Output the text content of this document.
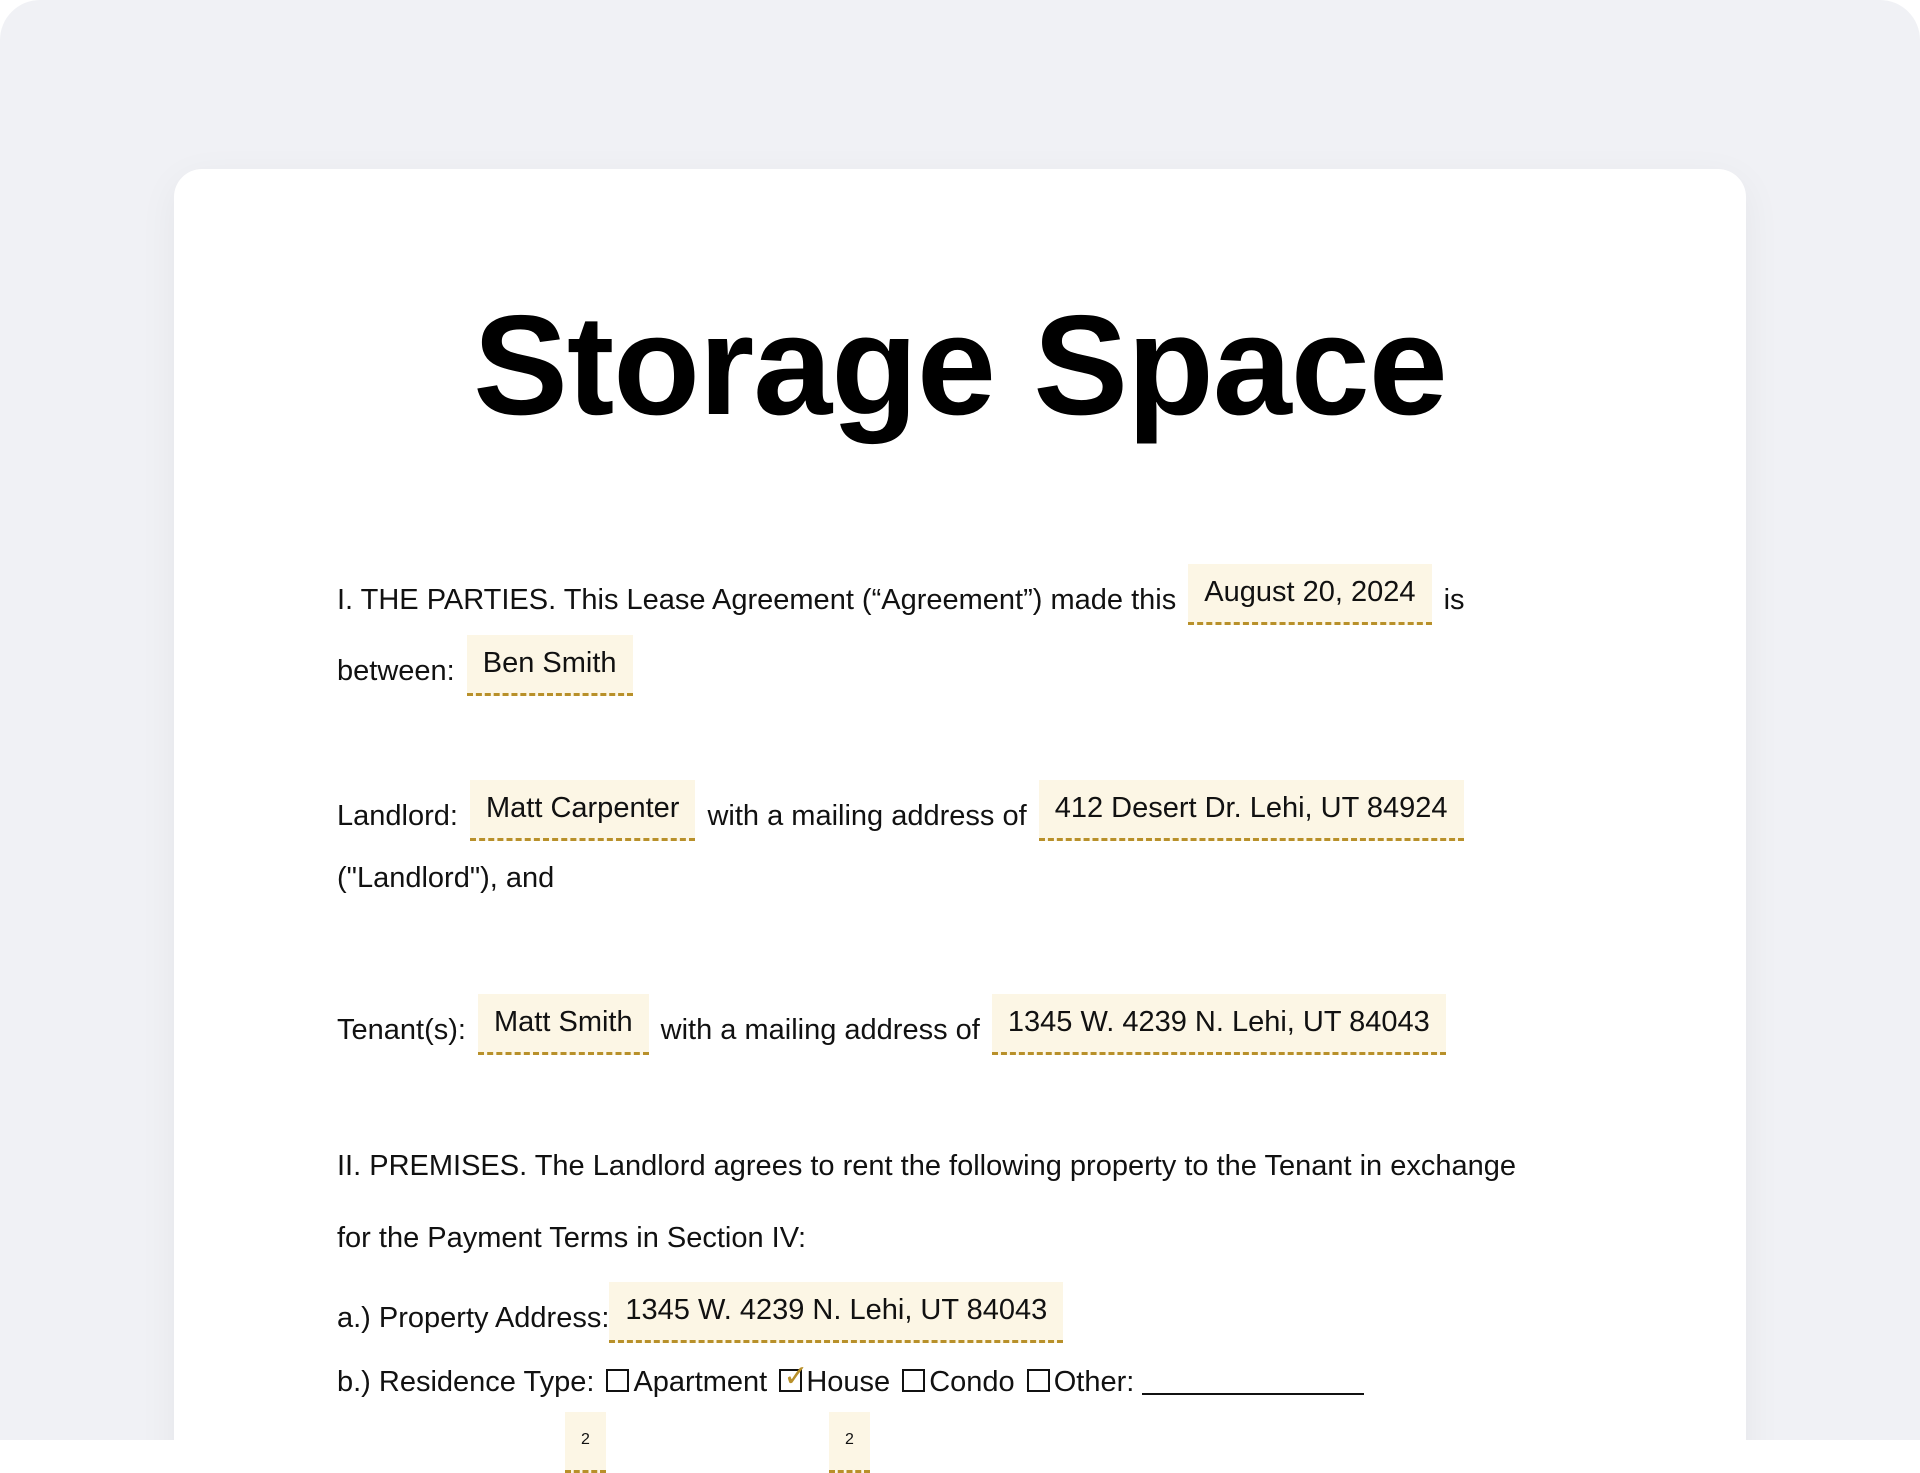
Storage Space
I. THE PARTIES. This Lease Agreement (“Agreement”) made this August 20, 2024 is
between: Ben Smith
Landlord: Matt Carpenter with a mailing address of 412 Desert Dr. Lehi, UT 84924
("Landlord"), and
Tenant(s): Matt Smith with a mailing address of 1345 W. 4239 N. Lehi, UT 84043
II. PREMISES. The Landlord agrees to rent the following property to the Tenant in exchange
for the Payment Terms in Section IV:
a.) Property Address: 1345 W. 4239 N. Lehi, UT 84043
b.) Residence Type: Apartment ✓
House Condo Other:
2	2
